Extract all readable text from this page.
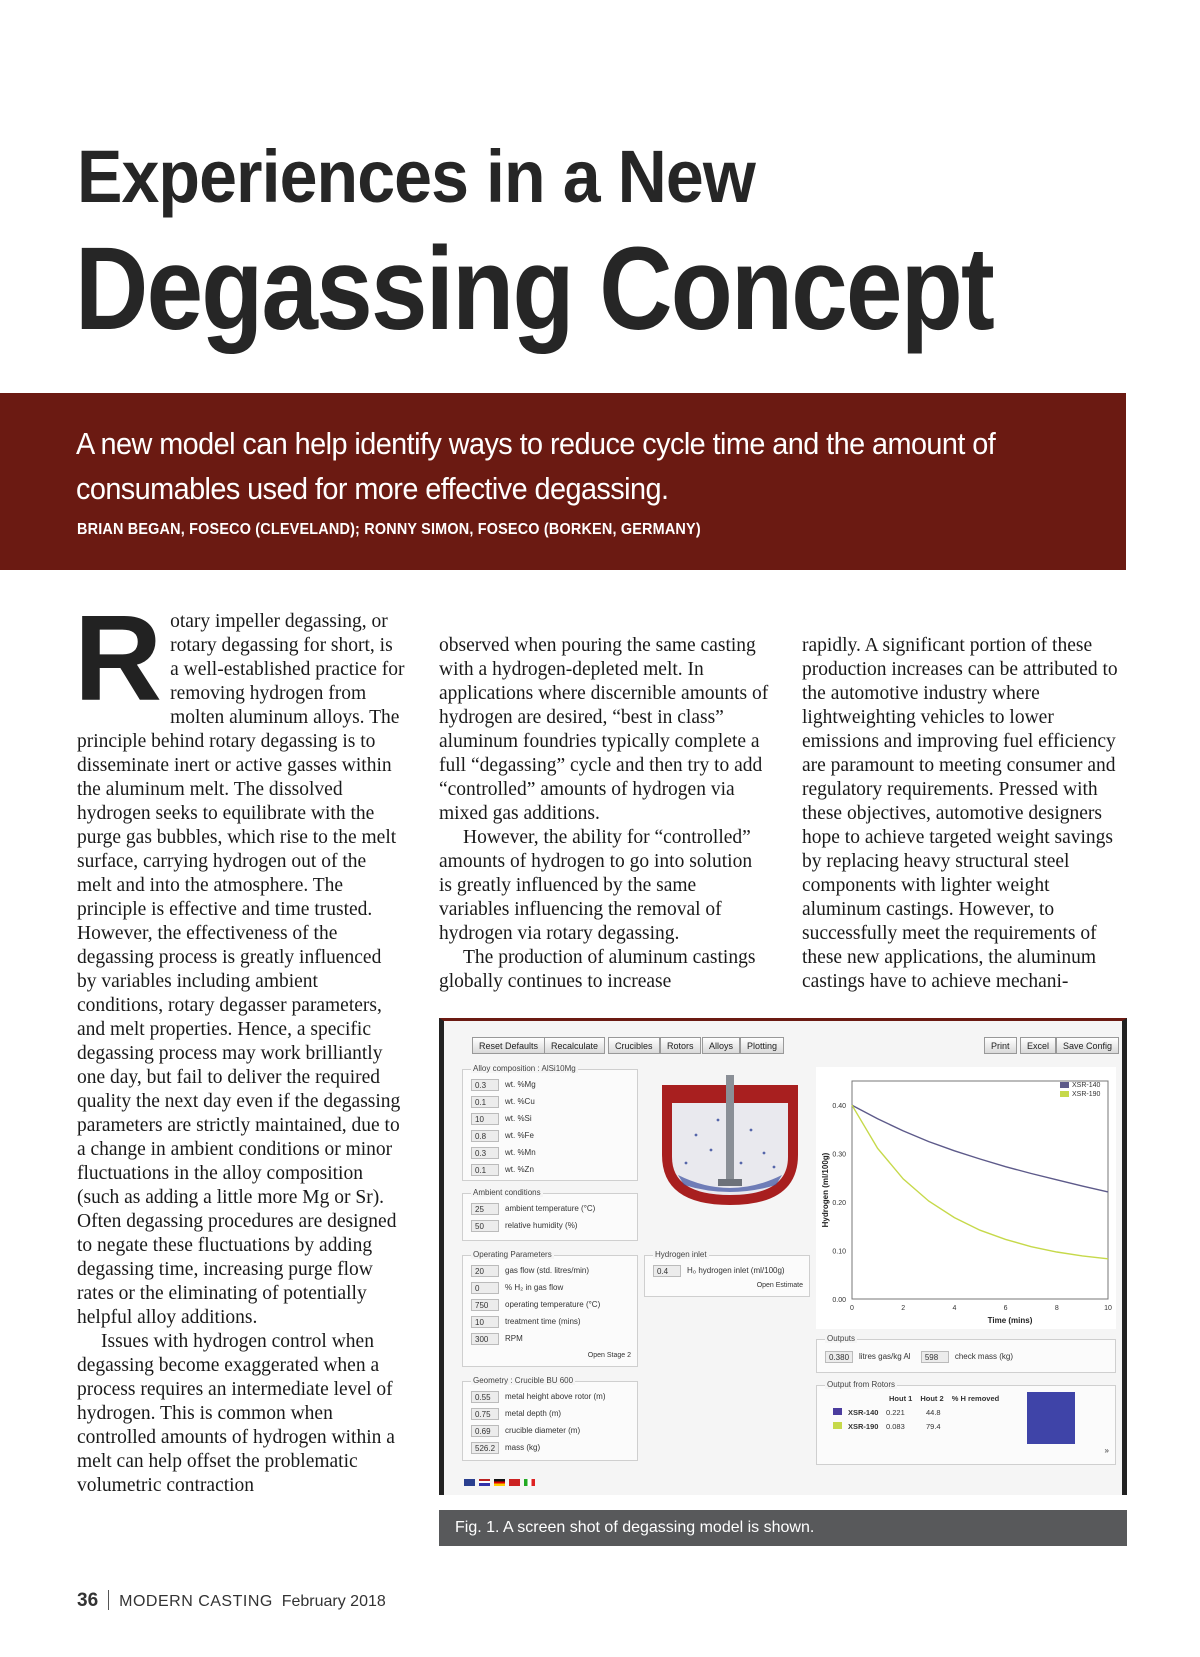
Experiences in a New
Degassing Concept
A new model can help identify ways to reduce cycle time and the amount of consumables used for more effective degassing.
BRIAN BEGAN, FOSECO (CLEVELAND); RONNY SIMON, FOSECO (BORKEN, GERMANY)
R otary impeller degassing, or rotary degassing for short, is a well-established practice for removing hydrogen from molten aluminum alloys. The principle behind rotary degassing is to disseminate inert or active gasses within the aluminum melt. The dissolved hydrogen seeks to equilibrate with the purge gas bubbles, which rise to the melt surface, carrying hydrogen out of the melt and into the atmosphere. The principle is effective and time trusted. However, the effectiveness of the degassing process is greatly influenced by variables including ambient conditions, rotary degasser parameters, and melt properties. Hence, a specific degassing process may work brilliantly one day, but fail to deliver the required quality the next day even if the degassing parameters are strictly maintained, due to a change in ambient conditions or minor fluctuations in the alloy composition (such as adding a little more Mg or Sr). Often degassing procedures are designed to negate these fluctuations by adding degassing time, increasing purge flow rates or the eliminating of potentially helpful alloy additions.

Issues with hydrogen control when degassing become exaggerated when a process requires an intermediate level of hydrogen. This is common when controlled amounts of hydrogen within a melt can help offset the problematic volumetric contraction

observed when pouring the same casting with a hydrogen-depleted melt. In applications where discernible amounts of hydrogen are desired, “best in class” aluminum foundries typically complete a full “degassing” cycle and then try to add “controlled” amounts of hydrogen via mixed gas additions.

However, the ability for “controlled” amounts of hydrogen to go into solution is greatly influenced by the same variables influencing the removal of hydrogen via rotary degassing.

The production of aluminum castings globally continues to increase

rapidly. A significant portion of these production increases can be attributed to the automotive industry where lightweighting vehicles to lower emissions and improving fuel efficiency are paramount to meeting consumer and regulatory requirements. Pressed with these objectives, automotive designers hope to achieve targeted weight savings by replacing heavy structural steel components with lighter weight aluminum castings. However, to successfully meet the requirements of these new applications, the aluminum castings have to achieve mechani-

Reset Defaults	Recalculate	Crucibles	Rotors	Alloys	Plotting	Print	Excel	Save Config
Alloy composition : AlSi10Mg
0.3 wt. %Mg
0.1 wt. %Cu
10	wt. %Si
0.8 wt. %Fe
0.3 wt. %Mn
0.1 wt. %Zn
Ambient conditions
25	ambient temperature (°C)
50	relative humidity (%)
Operating Parameters
20	gas flow (std. litres/min)
0	% H₂ in gas flow
750 operating temperature (°C)
10	treatment time (mins)
300 RPM
Open Stage 2
Geometry : Crucible BU 600
0.55 metal height above rotor (m)
0.75 metal depth (m)
0.69 crucible diameter (m)
526.2 mass (kg)
Hydrogen inlet
0.4 H₀ hydrogen inlet (ml/100g)
Open Estimate
0.00
0.10
0.20
0.30
0.40
0	2	4	6	8	10
Time (mins)
Hydrogen (ml/100g)
XSR-140
XSR-190
Outputs
0.380 litres gas/kg Al 598 check mass (kg)
Output from Rotors
Hout 1 Hout 2 % H removed
XSR-140 0.221	44.8
XSR-190 0.083	79.4
»
Fig. 1. A screen shot of degassing model is shown.
36 MODERN CASTING February 2018
